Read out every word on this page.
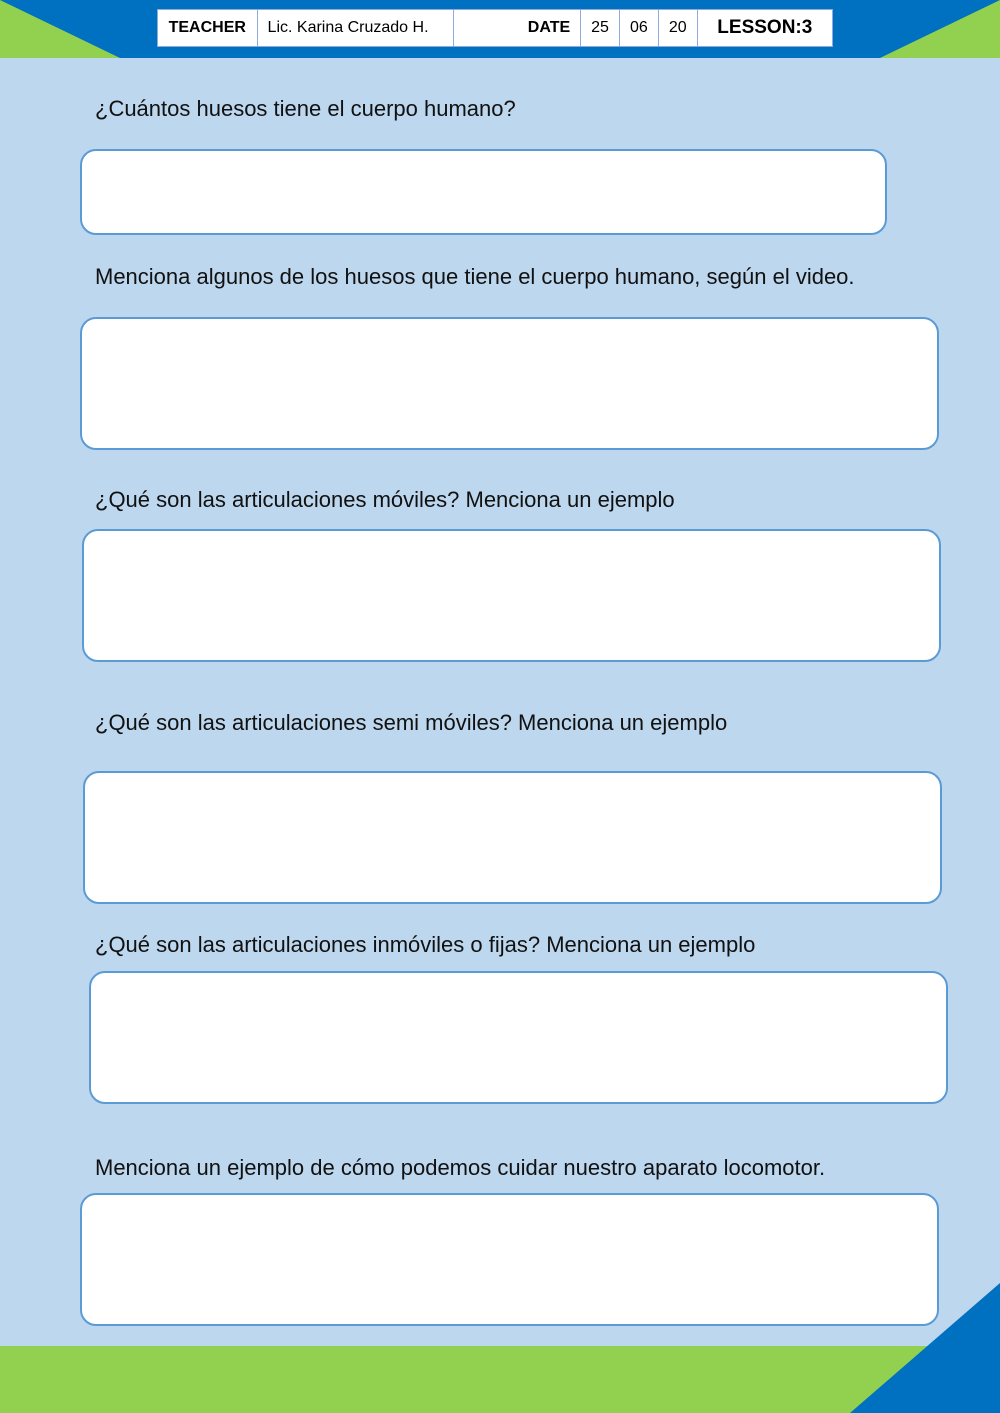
TEACHER	Lic. Karina Cruzado H.	DATE	25	06	20	LESSON:3
¿Cuántos huesos tiene el cuerpo humano?
Menciona algunos de los huesos que tiene el cuerpo humano, según el video.
¿Qué son las articulaciones móviles? Menciona un ejemplo
¿Qué son las articulaciones semi móviles? Menciona un ejemplo
¿Qué son las articulaciones inmóviles o fijas? Menciona un ejemplo
Menciona un ejemplo de cómo podemos cuidar nuestro aparato locomotor.
